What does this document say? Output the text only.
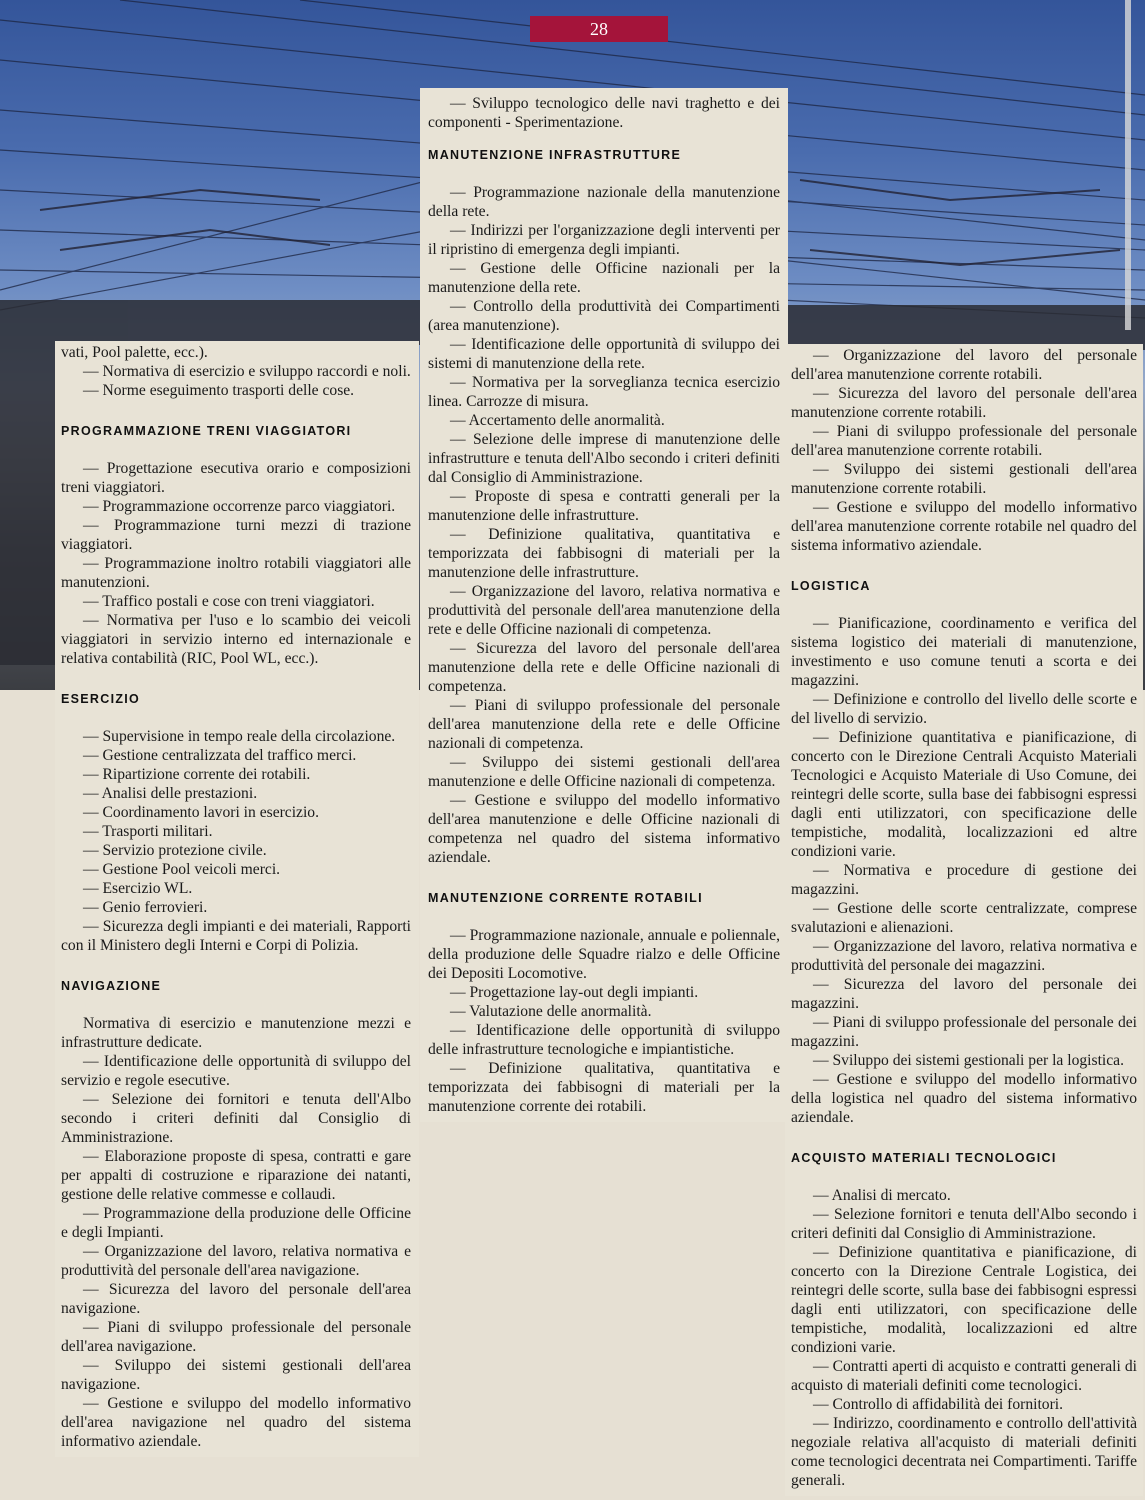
28

vati, Pool palette, ecc.).

— Normativa di esercizio e sviluppo raccordi e noli.

— Norme eseguimento trasporti delle cose.

PROGRAMMAZIONE TRENI VIAGGIATORI

— Progettazione esecutiva orario e composizioni treni viaggiatori.

— Programmazione occorrenze parco viaggiatori.

— Programmazione turni mezzi di trazione viaggiatori.

— Programmazione inoltro rotabili viaggiatori alle manutenzioni.

— Traffico postali e cose con treni viaggiatori.

— Normativa per l'uso e lo scambio dei veicoli viaggiatori in servizio interno ed internazionale e relativa contabilità (RIC, Pool WL, ecc.).

ESERCIZIO

— Supervisione in tempo reale della circolazione.

— Gestione centralizzata del traffico merci.

— Ripartizione corrente dei rotabili.

— Analisi delle prestazioni.

— Coordinamento lavori in esercizio.

— Trasporti militari.

— Servizio protezione civile.

— Gestione Pool veicoli merci.

— Esercizio WL.

— Genio ferrovieri.

— Sicurezza degli impianti e dei materiali, Rapporti con il Ministero degli Interni e Corpi di Polizia.

NAVIGAZIONE

Normativa di esercizio e manutenzione mezzi e infrastrutture dedicate.

— Identificazione delle opportunità di sviluppo del servizio e regole esecutive.

— Selezione dei fornitori e tenuta dell'Albo secondo i criteri definiti dal Consiglio di Amministrazione.

— Elaborazione proposte di spesa, contratti e gare per appalti di costruzione e riparazione dei natanti, gestione delle relative commesse e collaudi.

— Programmazione della produzione delle Officine e degli Impianti.

— Organizzazione del lavoro, relativa normativa e produttività del personale dell'area navigazione.

— Sicurezza del lavoro del personale dell'area navigazione.

— Piani di sviluppo professionale del personale dell'area navigazione.

— Sviluppo dei sistemi gestionali dell'area navigazione.

— Gestione e sviluppo del modello informativo dell'area navigazione nel quadro del sistema informativo aziendale.

— Sviluppo tecnologico delle navi traghetto e dei componenti - Sperimentazione.

MANUTENZIONE INFRASTRUTTURE

— Programmazione nazionale della manutenzione della rete.

— Indirizzi per l'organizzazione degli interventi per il ripristino di emergenza degli impianti.

— Gestione delle Officine nazionali per la manutenzione della rete.

— Controllo della produttività dei Compartimenti (area manutenzione).

— Identificazione delle opportunità di sviluppo dei sistemi di manutenzione della rete.

— Normativa per la sorveglianza tecnica esercizio linea. Carrozze di misura.

— Accertamento delle anormalità.

— Selezione delle imprese di manutenzione delle infrastrutture e tenuta dell'Albo secondo i criteri definiti dal Consiglio di Amministrazione.

— Proposte di spesa e contratti generali per la manutenzione delle infrastrutture.

— Definizione qualitativa, quantitativa e temporizzata dei fabbisogni di materiali per la manutenzione delle infrastrutture.

— Organizzazione del lavoro, relativa normativa e produttività del personale dell'area manutenzione della rete e delle Officine nazionali di competenza.

— Sicurezza del lavoro del personale dell'area manutenzione della rete e delle Officine nazionali di competenza.

— Piani di sviluppo professionale del personale dell'area manutenzione della rete e delle Officine nazionali di competenza.

— Sviluppo dei sistemi gestionali dell'area manutenzione e delle Officine nazionali di competenza.

— Gestione e sviluppo del modello informativo dell'area manutenzione e delle Officine nazionali di competenza nel quadro del sistema informativo aziendale.

MANUTENZIONE CORRENTE ROTABILI

— Programmazione nazionale, annuale e poliennale, della produzione delle Squadre rialzo e delle Officine dei Depositi Locomotive.

— Progettazione lay-out degli impianti.

— Valutazione delle anormalità.

— Identificazione delle opportunità di sviluppo delle infrastrutture tecnologiche e impiantistiche.

— Definizione qualitativa, quantitativa e temporizzata dei fabbisogni di materiali per la manutenzione corrente dei rotabili.

— Organizzazione del lavoro del personale dell'area manutenzione corrente rotabili.

— Sicurezza del lavoro del personale dell'area manutenzione corrente rotabili.

— Piani di sviluppo professionale del personale dell'area manutenzione corrente rotabili.

— Sviluppo dei sistemi gestionali dell'area manutenzione corrente rotabili.

— Gestione e sviluppo del modello informativo dell'area manutenzione corrente rotabile nel quadro del sistema informativo aziendale.

LOGISTICA

— Pianificazione, coordinamento e verifica del sistema logistico dei materiali di manutenzione, investimento e uso comune tenuti a scorta e dei magazzini.

— Definizione e controllo del livello delle scorte e del livello di servizio.

— Definizione quantitativa e pianificazione, di concerto con le Direzione Centrali Acquisto Materiali Tecnologici e Acquisto Materiale di Uso Comune, dei reintegri delle scorte, sulla base dei fabbisogni espressi dagli enti utilizzatori, con specificazione delle tempistiche, modalità, localizzazioni ed altre condizioni varie.

— Normativa e procedure di gestione dei magazzini.

— Gestione delle scorte centralizzate, comprese svalutazioni e alienazioni.

— Organizzazione del lavoro, relativa normativa e produttività del personale dei magazzini.

— Sicurezza del lavoro del personale dei magazzini.

— Piani di sviluppo professionale del personale dei magazzini.

— Sviluppo dei sistemi gestionali per la logistica.

— Gestione e sviluppo del modello informativo della logistica nel quadro del sistema informativo aziendale.

ACQUISTO MATERIALI TECNOLOGICI

— Analisi di mercato.

— Selezione fornitori e tenuta dell'Albo secondo i criteri definiti dal Consiglio di Amministrazione.

— Definizione quantitativa e pianificazione, di concerto con la Direzione Centrale Logistica, dei reintegri delle scorte, sulla base dei fabbisogni espressi dagli enti utilizzatori, con specificazione delle tempistiche, modalità, localizzazioni ed altre condizioni varie.

— Contratti aperti di acquisto e contratti generali di acquisto di materiali definiti come tecnologici.

— Controllo di affidabilità dei fornitori.

— Indirizzo, coordinamento e controllo dell'attività negoziale relativa all'acquisto di materiali definiti come tecnologici decentrata nei Compartimenti. Tariffe generali.
